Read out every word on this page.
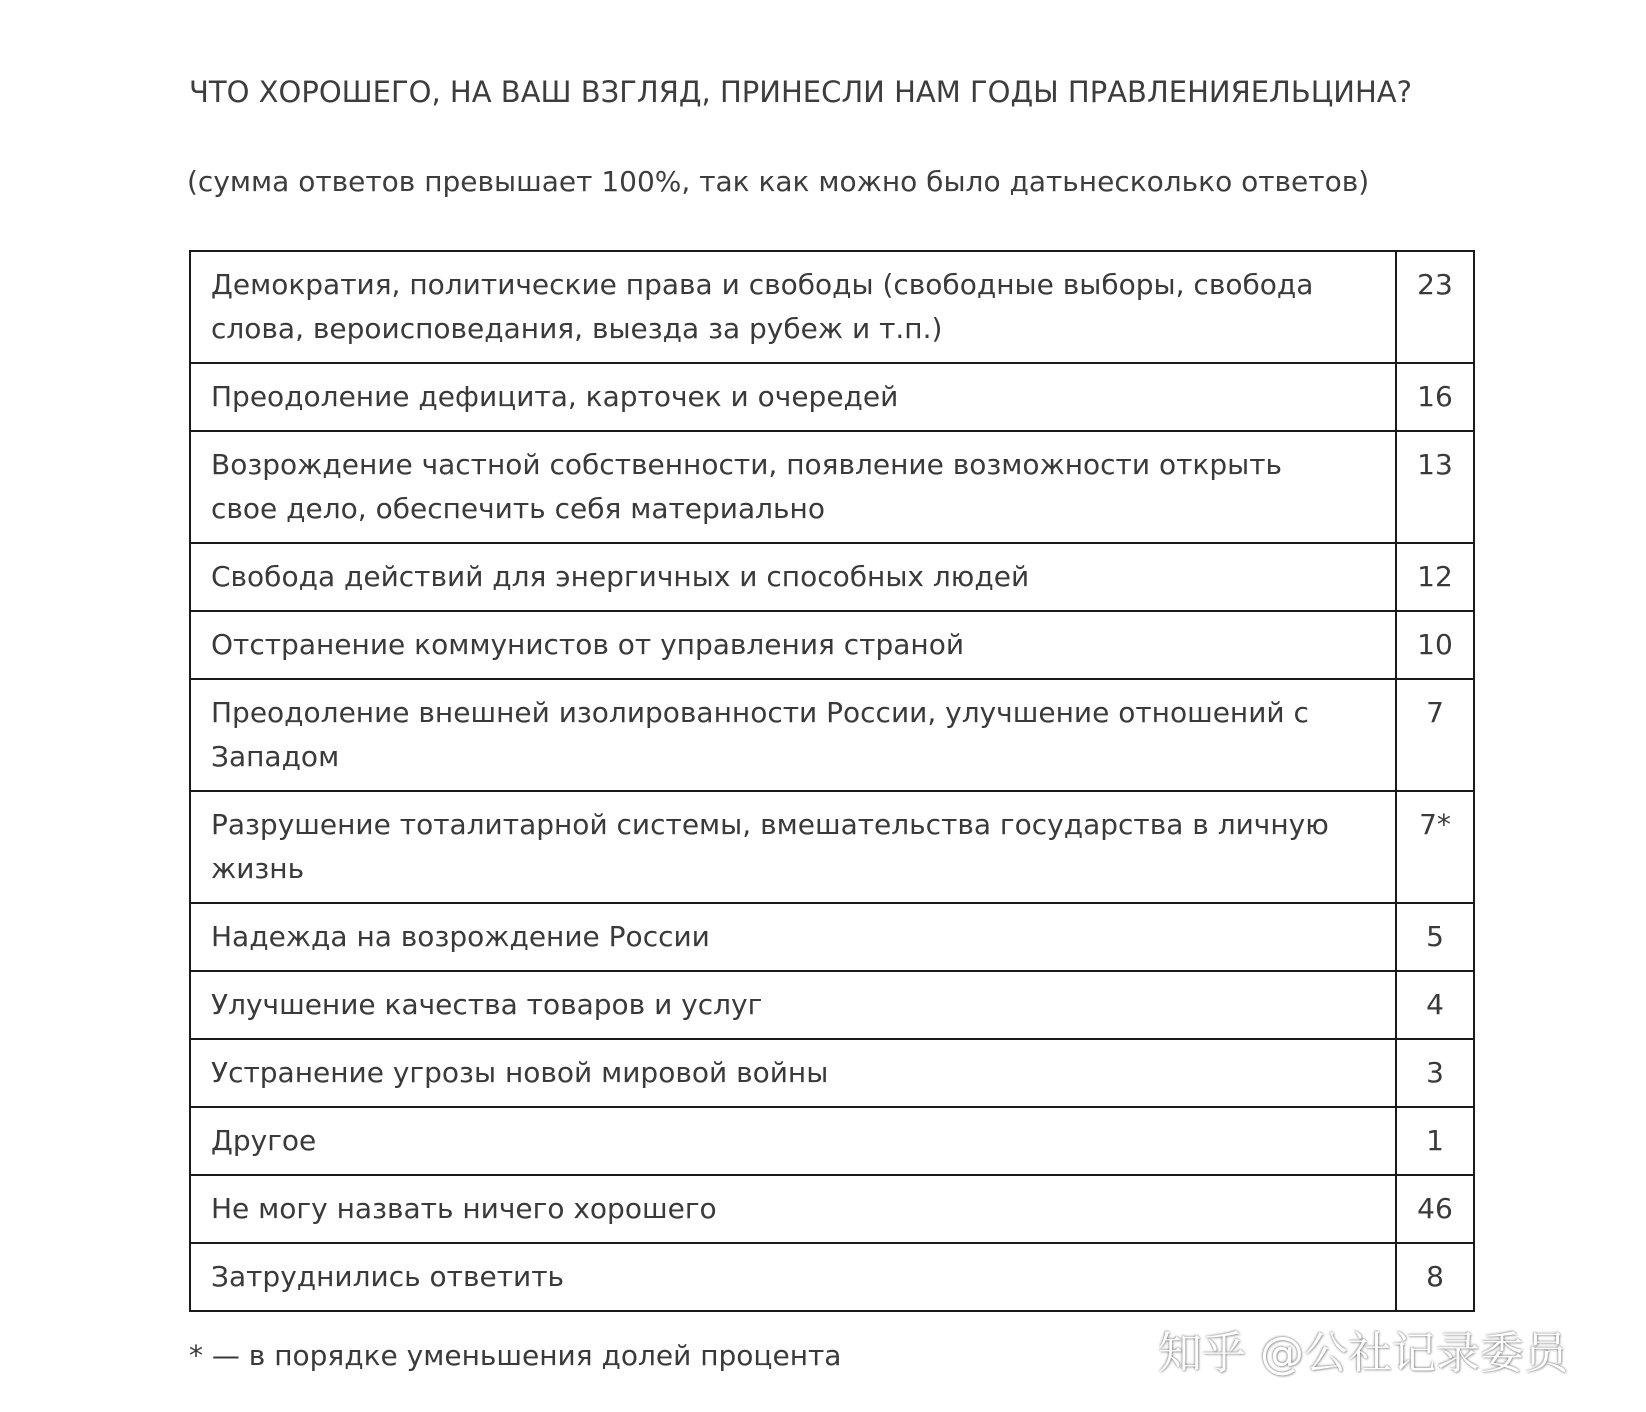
ЧТО ХОРОШЕГО, НА ВАШ ВЗГЛЯД, ПРИНЕСЛИ НАМ ГОДЫ ПРАВЛЕНИЯЕЛЬЦИНА?
(сумма ответов превышает 100%, так как можно было датьнесколько ответов)
Демократия, политические права и свободы (свободные выборы, свобода слова, вероисповедания, выезда за рубеж и т.п.)	23
Преодоление дефицита, карточек и очередей	16
Возрождение частной собственности, появление возможности открыть свое дело, обеспечить себя материально	13
Свобода действий для энергичных и способных людей	12
Отстранение коммунистов от управления страной	10
Преодоление внешней изолированности России, улучшение отношений с Западом	7
Разрушение тоталитарной системы, вмешательства государства в личную жизнь	7*
Надежда на возрождение России	5
Улучшение качества товаров и услуг	4
Устранение угрозы новой мировой войны	3
Другое	1
Не могу назвать ничего хорошего	46
Затруднились ответить	8
* — в порядке уменьшения долей процента	知乎 @公社记录委员
